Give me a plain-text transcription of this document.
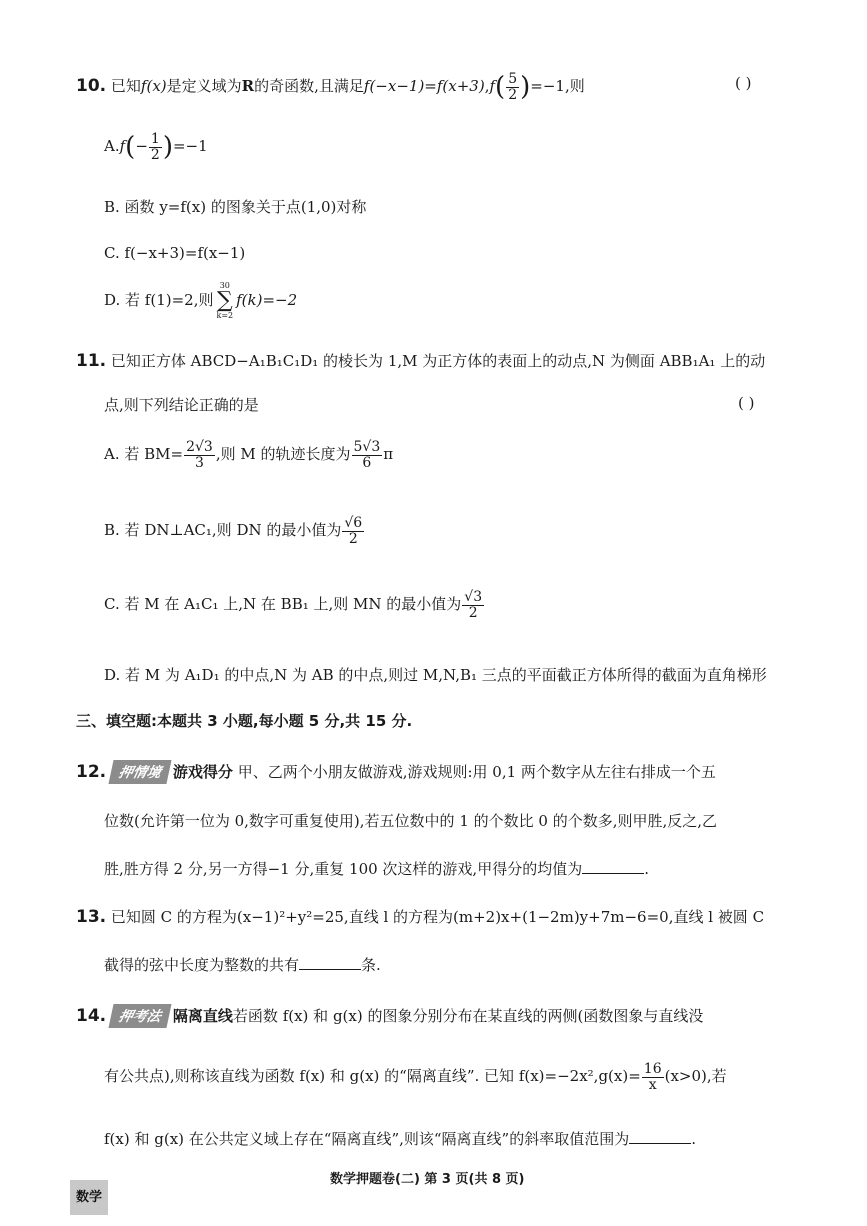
10. 已知f(x)是定义域为R的奇函数,且满足$f(-x-1)=f(x+3),f( \frac{5}{2} )=-1$,则	( )
$A.f(- \frac{1}{2} )=-1$
B. 函数 y=f(x) 的图象关于点(1,0)对称
C. f(−x+3)=f(x−1)
D. 若 f(1)=2,则
30
∑
k=2
f(k)=−2
11. 已知正方体 ABCD−A₁B₁C₁D₁ 的棱长为 1,M 为正方体的表面上的动点,N 为侧面 ABB₁A₁ 上的动
点,则下列结论正确的是	( )
A. 若 $BM= \frac{2√3}{3}$ ,则 M 的轨迹长度为 $\frac{5√3}{6}$ π
B. 若 DN⊥AC₁,则 DN 的最小值为 $\frac{√6}{2}$
C. 若 M 在 A₁C₁ 上,N 在 BB₁ 上,则 MN 的最小值为 $\frac{√3}{2}$
D. 若 M 为 A₁D₁ 的中点,N 为 AB 的中点,则过 M,N,B₁ 三点的平面截正方体所得的截面为直角梯形
三、填空题:本题共 3 小题,每小题 5 分,共 15 分.
12. 押情境 游戏得分 甲、乙两个小朋友做游戏,游戏规则:用 0,1 两个数字从左往右排成一个五
位数(允许第一位为 0,数字可重复使用),若五位数中的 1 的个数比 0 的个数多,则甲胜,反之,乙
胜,胜方得 2 分,另一方得−1 分,重复 100 次这样的游戏,甲得分的均值为	.
13. 已知圆 C 的方程为(x−1)²+y²=25,直线 l 的方程为(m+2)x+(1−2m)y+7m−6=0,直线 l 被圆 C
截得的弦中长度为整数的共有	条.
14. 押考法 隔离直线若函数 f(x) 和 g(x) 的图象分别分布在某直线的两侧(函数图象与直线没
有公共点),则称该直线为函数 f(x) 和 g(x) 的“隔离直线”. 已知 $f(x)=-2x^2,g(x)= \frac{16}{x} (x>0)$,若
f(x) 和 g(x) 在公共定义域上存在“隔离直线”,则该“隔离直线”的斜率取值范围为	.
数学押题卷(二) 第 3 页(共 8 页)
数学
